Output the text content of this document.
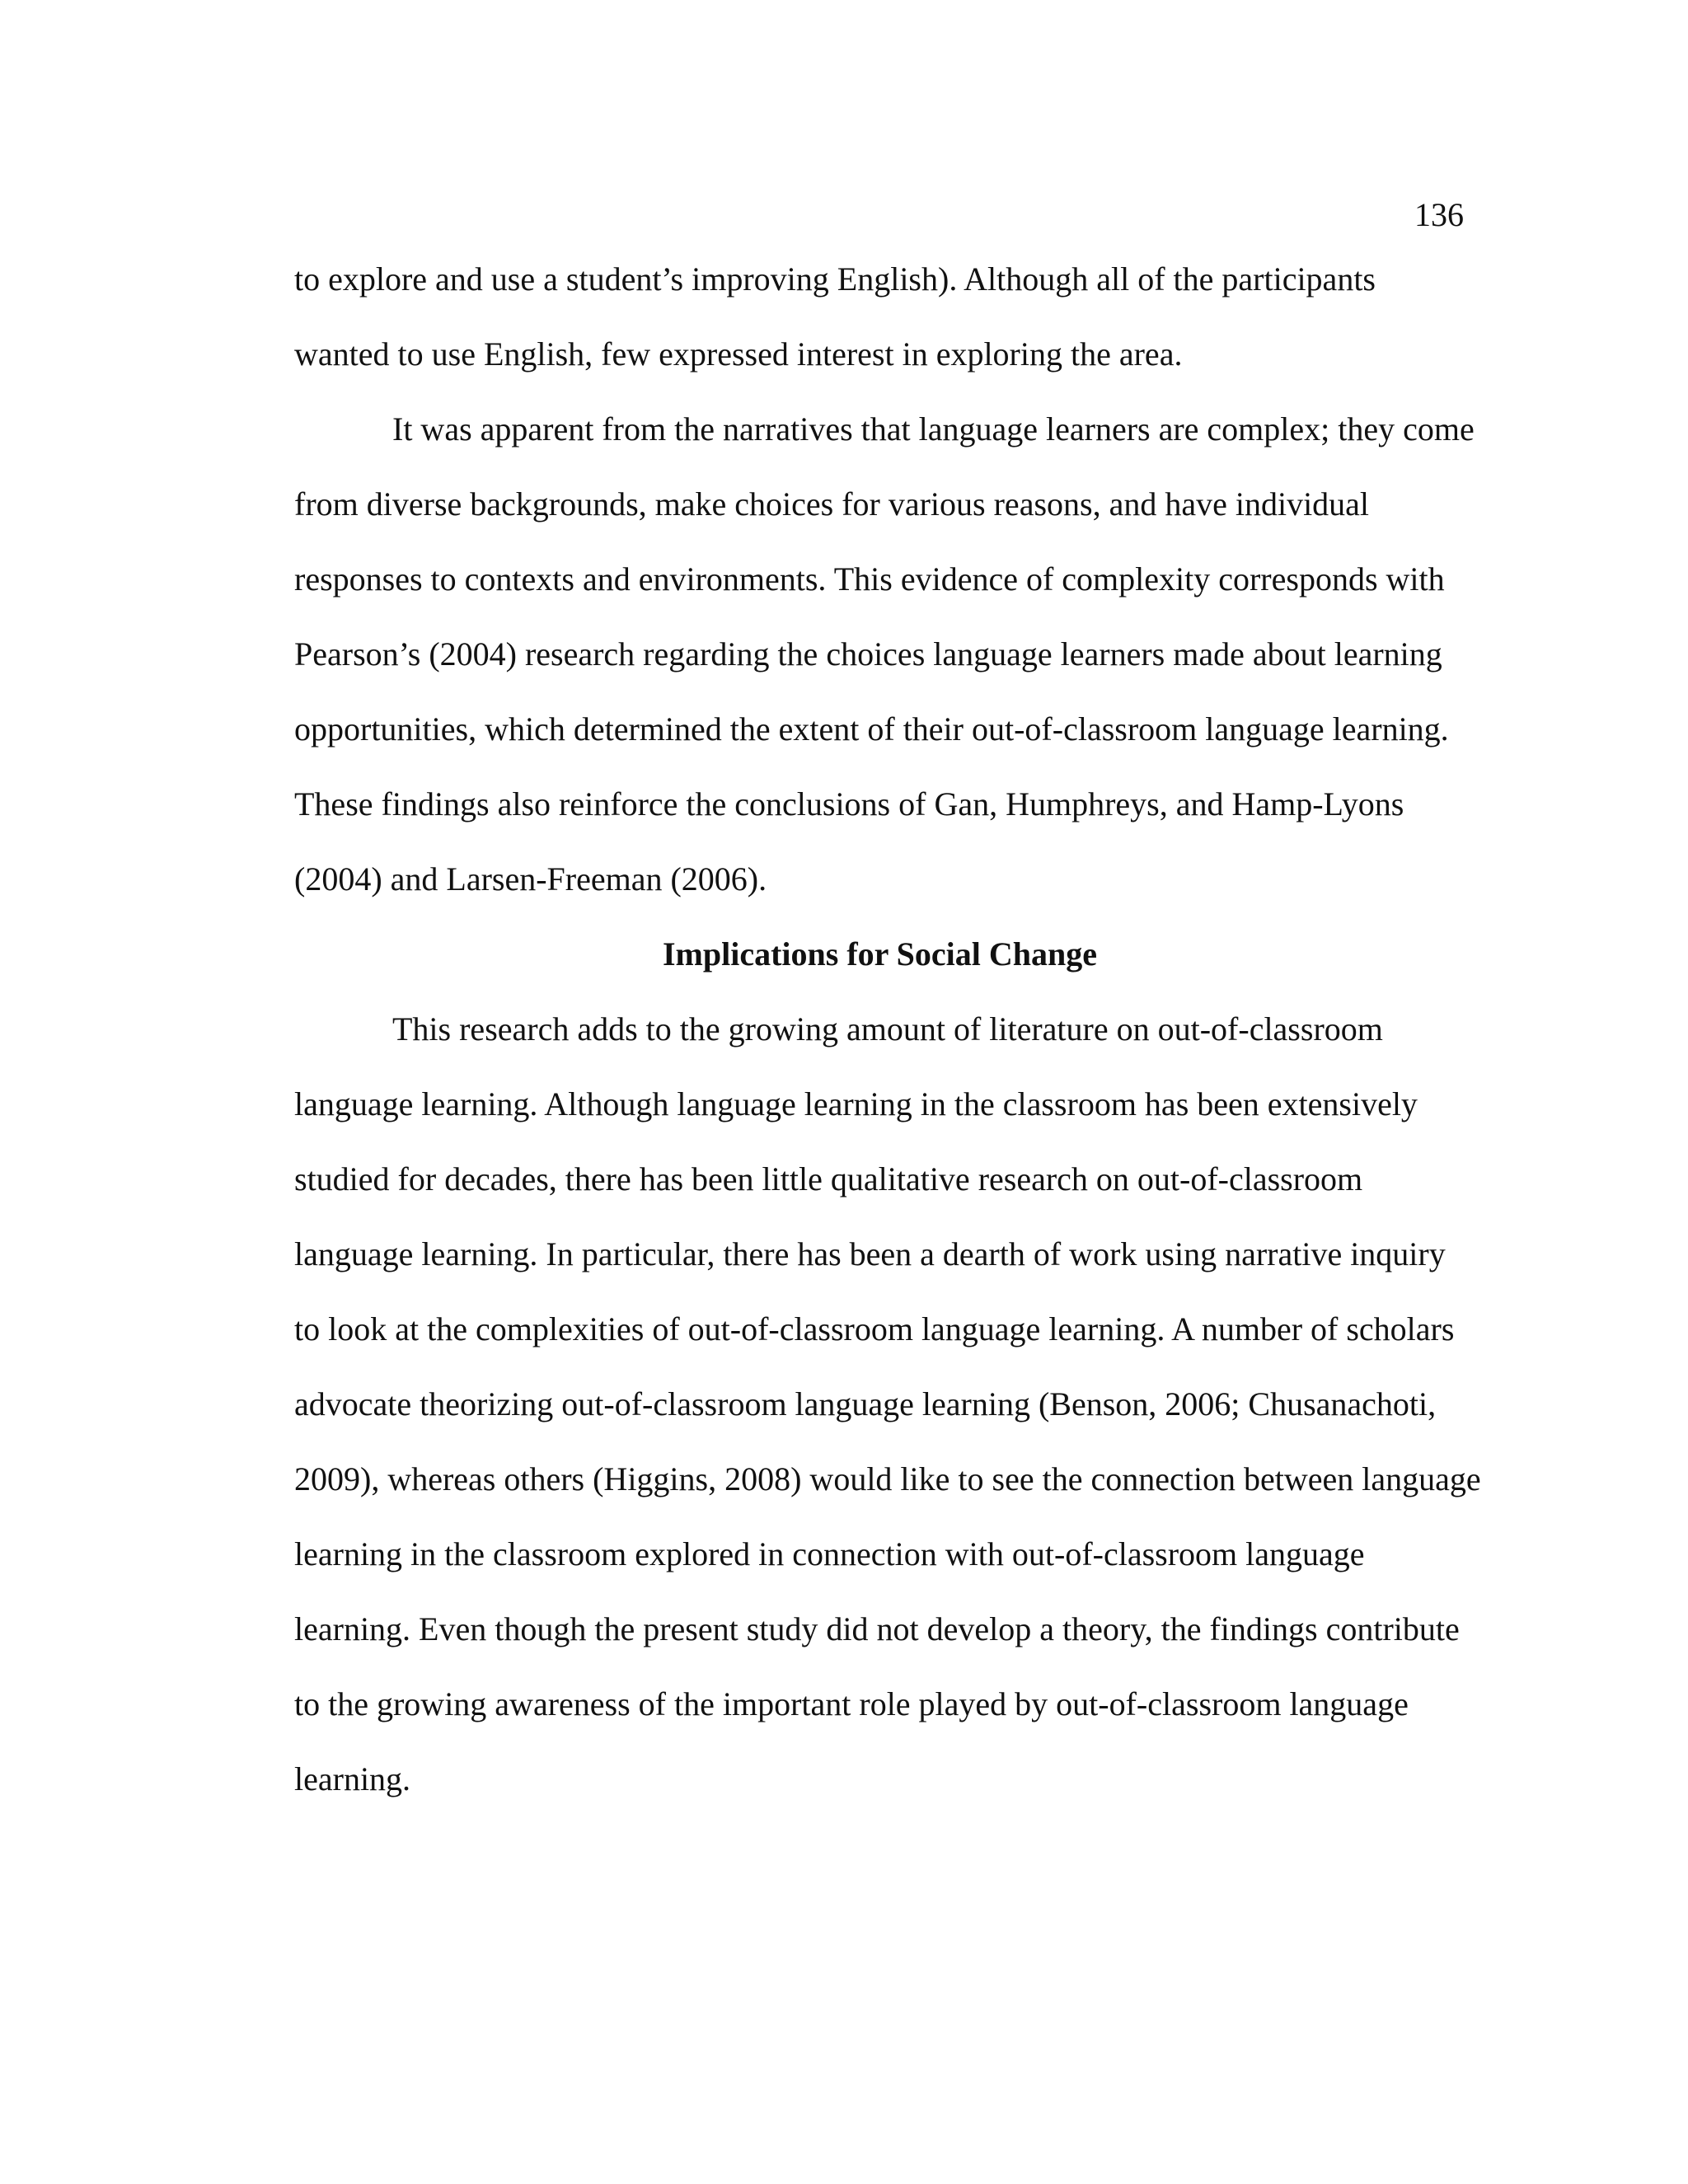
136
to explore and use a student’s improving English). Although all of the participants
wanted to use English, few expressed interest in exploring the area.
It was apparent from the narratives that language learners are complex; they come
from diverse backgrounds, make choices for various reasons, and have individual
responses to contexts and environments. This evidence of complexity corresponds with
Pearson’s (2004) research regarding the choices language learners made about learning
opportunities, which determined the extent of their out-of-classroom language learning.
These findings also reinforce the conclusions of Gan, Humphreys, and Hamp-Lyons
(2004) and Larsen-Freeman (2006).
Implications for Social Change
This research adds to the growing amount of literature on out-of-classroom
language learning. Although language learning in the classroom has been extensively
studied for decades, there has been little qualitative research on out-of-classroom
language learning. In particular, there has been a dearth of work using narrative inquiry
to look at the complexities of out-of-classroom language learning. A number of scholars
advocate theorizing out-of-classroom language learning (Benson, 2006; Chusanachoti,
2009), whereas others (Higgins, 2008) would like to see the connection between language
learning in the classroom explored in connection with out-of-classroom language
learning. Even though the present study did not develop a theory, the findings contribute
to the growing awareness of the important role played by out-of-classroom language
learning.
